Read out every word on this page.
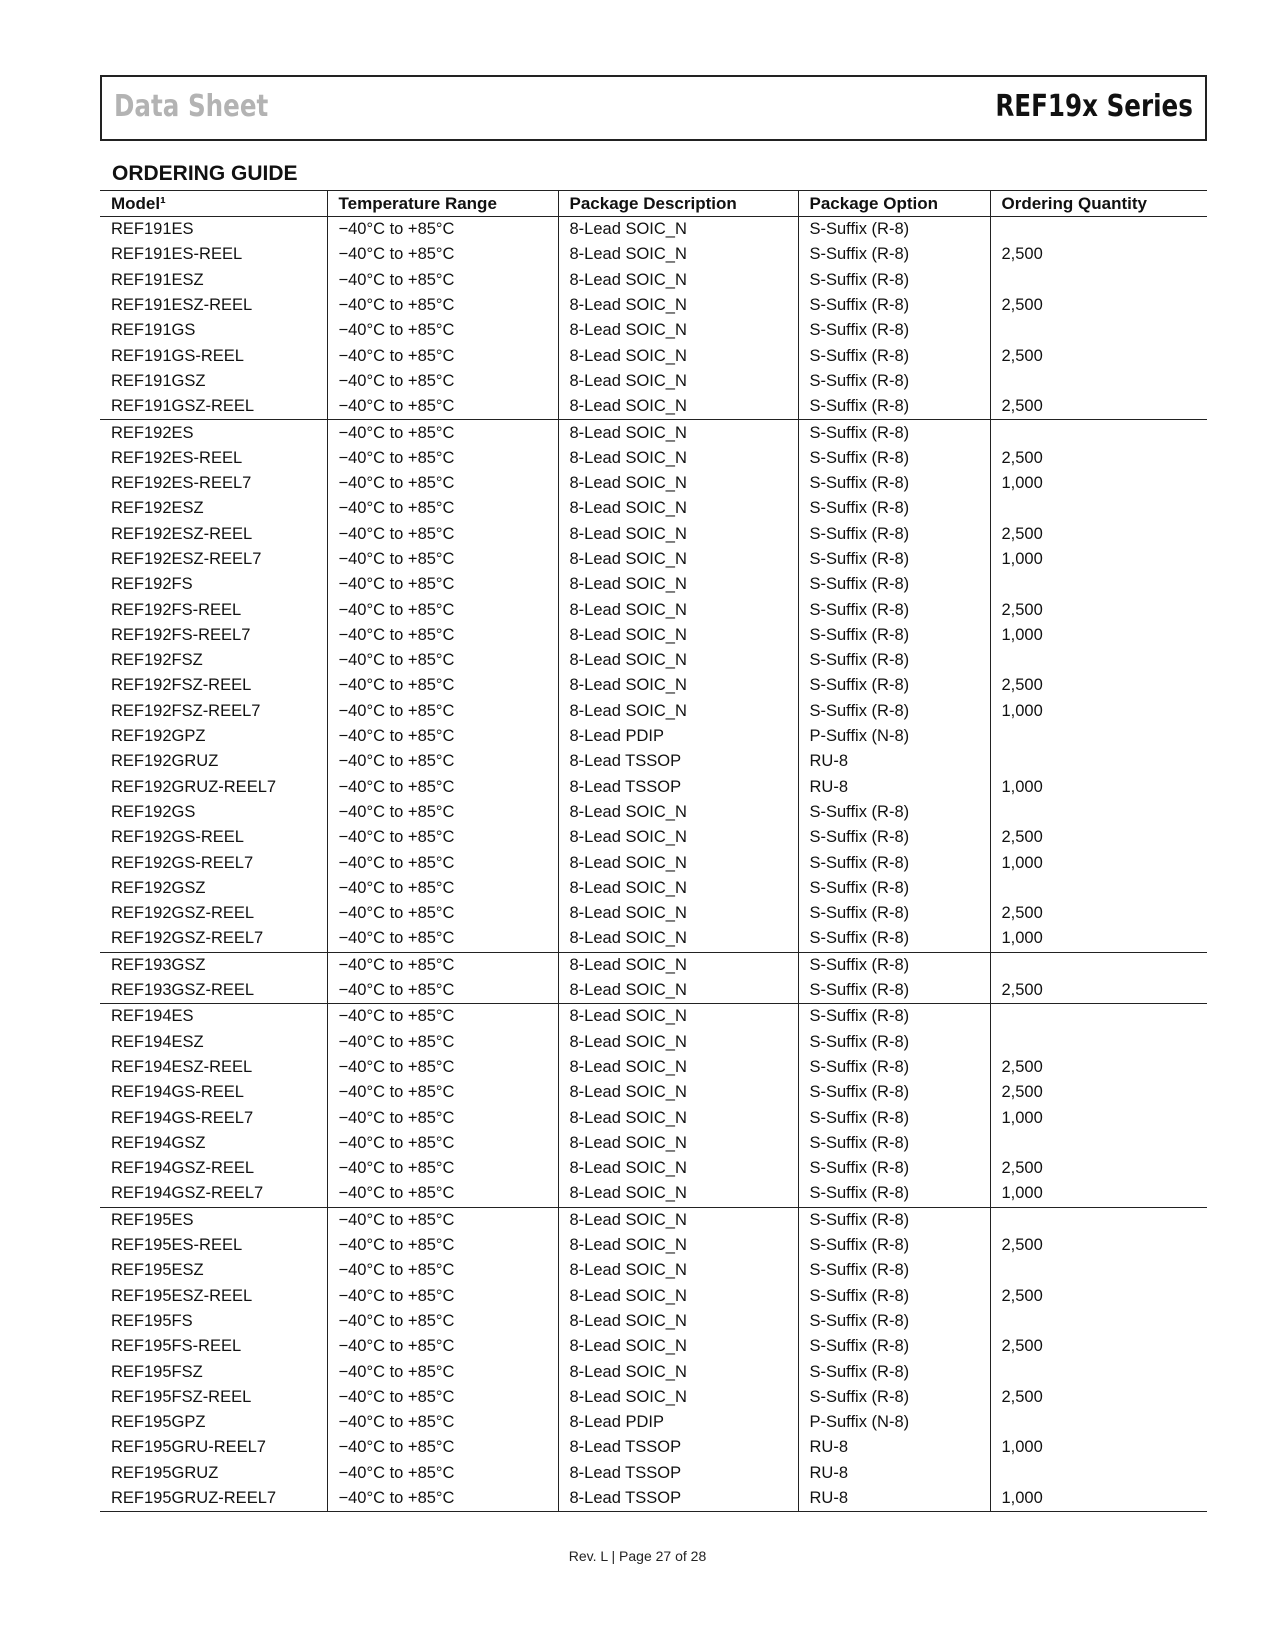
Data Sheet	REF19x Series
ORDERING GUIDE
Model¹	Temperature Range	Package Description	Package Option	Ordering Quantity
REF191ES	−40°C to +85°C	8-Lead SOIC_N	S-Suffix (R-8)	
REF191ES-REEL	−40°C to +85°C	8-Lead SOIC_N	S-Suffix (R-8)	2,500
REF191ESZ	−40°C to +85°C	8-Lead SOIC_N	S-Suffix (R-8)	
REF191ESZ-REEL	−40°C to +85°C	8-Lead SOIC_N	S-Suffix (R-8)	2,500
REF191GS	−40°C to +85°C	8-Lead SOIC_N	S-Suffix (R-8)	
REF191GS-REEL	−40°C to +85°C	8-Lead SOIC_N	S-Suffix (R-8)	2,500
REF191GSZ	−40°C to +85°C	8-Lead SOIC_N	S-Suffix (R-8)	
REF191GSZ-REEL	−40°C to +85°C	8-Lead SOIC_N	S-Suffix (R-8)	2,500
REF192ES	−40°C to +85°C	8-Lead SOIC_N	S-Suffix (R-8)	
REF192ES-REEL	−40°C to +85°C	8-Lead SOIC_N	S-Suffix (R-8)	2,500
REF192ES-REEL7	−40°C to +85°C	8-Lead SOIC_N	S-Suffix (R-8)	1,000
REF192ESZ	−40°C to +85°C	8-Lead SOIC_N	S-Suffix (R-8)	
REF192ESZ-REEL	−40°C to +85°C	8-Lead SOIC_N	S-Suffix (R-8)	2,500
REF192ESZ-REEL7	−40°C to +85°C	8-Lead SOIC_N	S-Suffix (R-8)	1,000
REF192FS	−40°C to +85°C	8-Lead SOIC_N	S-Suffix (R-8)	
REF192FS-REEL	−40°C to +85°C	8-Lead SOIC_N	S-Suffix (R-8)	2,500
REF192FS-REEL7	−40°C to +85°C	8-Lead SOIC_N	S-Suffix (R-8)	1,000
REF192FSZ	−40°C to +85°C	8-Lead SOIC_N	S-Suffix (R-8)	
REF192FSZ-REEL	−40°C to +85°C	8-Lead SOIC_N	S-Suffix (R-8)	2,500
REF192FSZ-REEL7	−40°C to +85°C	8-Lead SOIC_N	S-Suffix (R-8)	1,000
REF192GPZ	−40°C to +85°C	8-Lead PDIP	P-Suffix (N-8)	
REF192GRUZ	−40°C to +85°C	8-Lead TSSOP	RU-8	
REF192GRUZ-REEL7	−40°C to +85°C	8-Lead TSSOP	RU-8	1,000
REF192GS	−40°C to +85°C	8-Lead SOIC_N	S-Suffix (R-8)	
REF192GS-REEL	−40°C to +85°C	8-Lead SOIC_N	S-Suffix (R-8)	2,500
REF192GS-REEL7	−40°C to +85°C	8-Lead SOIC_N	S-Suffix (R-8)	1,000
REF192GSZ	−40°C to +85°C	8-Lead SOIC_N	S-Suffix (R-8)	
REF192GSZ-REEL	−40°C to +85°C	8-Lead SOIC_N	S-Suffix (R-8)	2,500
REF192GSZ-REEL7	−40°C to +85°C	8-Lead SOIC_N	S-Suffix (R-8)	1,000
REF193GSZ	−40°C to +85°C	8-Lead SOIC_N	S-Suffix (R-8)	
REF193GSZ-REEL	−40°C to +85°C	8-Lead SOIC_N	S-Suffix (R-8)	2,500
REF194ES	−40°C to +85°C	8-Lead SOIC_N	S-Suffix (R-8)	
REF194ESZ	−40°C to +85°C	8-Lead SOIC_N	S-Suffix (R-8)	
REF194ESZ-REEL	−40°C to +85°C	8-Lead SOIC_N	S-Suffix (R-8)	2,500
REF194GS-REEL	−40°C to +85°C	8-Lead SOIC_N	S-Suffix (R-8)	2,500
REF194GS-REEL7	−40°C to +85°C	8-Lead SOIC_N	S-Suffix (R-8)	1,000
REF194GSZ	−40°C to +85°C	8-Lead SOIC_N	S-Suffix (R-8)	
REF194GSZ-REEL	−40°C to +85°C	8-Lead SOIC_N	S-Suffix (R-8)	2,500
REF194GSZ-REEL7	−40°C to +85°C	8-Lead SOIC_N	S-Suffix (R-8)	1,000
REF195ES	−40°C to +85°C	8-Lead SOIC_N	S-Suffix (R-8)	
REF195ES-REEL	−40°C to +85°C	8-Lead SOIC_N	S-Suffix (R-8)	2,500
REF195ESZ	−40°C to +85°C	8-Lead SOIC_N	S-Suffix (R-8)	
REF195ESZ-REEL	−40°C to +85°C	8-Lead SOIC_N	S-Suffix (R-8)	2,500
REF195FS	−40°C to +85°C	8-Lead SOIC_N	S-Suffix (R-8)	
REF195FS-REEL	−40°C to +85°C	8-Lead SOIC_N	S-Suffix (R-8)	2,500
REF195FSZ	−40°C to +85°C	8-Lead SOIC_N	S-Suffix (R-8)	
REF195FSZ-REEL	−40°C to +85°C	8-Lead SOIC_N	S-Suffix (R-8)	2,500
REF195GPZ	−40°C to +85°C	8-Lead PDIP	P-Suffix (N-8)	
REF195GRU-REEL7	−40°C to +85°C	8-Lead TSSOP	RU-8	1,000
REF195GRUZ	−40°C to +85°C	8-Lead TSSOP	RU-8	
REF195GRUZ-REEL7	−40°C to +85°C	8-Lead TSSOP	RU-8	1,000
Rev. L | Page 27 of 28
